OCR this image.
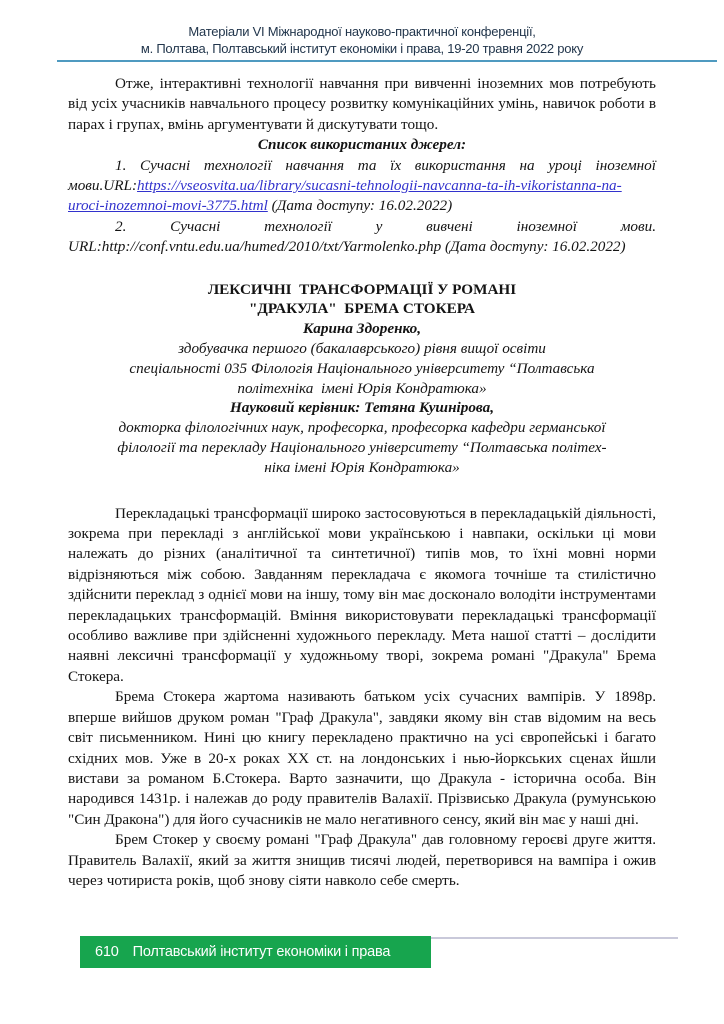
Матеріали VI Міжнародної науково-практичної конференції,
м. Полтава, Полтавський інститут економіки і права, 19-20 травня 2022 року

Отже, інтерактивні технології навчання при вивченні іноземних мов потребують від усіх учасників навчального процесу розвитку комунікаційних умінь, навичок роботи в парах і групах, вмінь аргументувати й дискутувати тощо.

Список використаних джерел:

1. Сучасні технології навчання та їх використання на уроці іноземної мови.URL:https://vseosvita.ua/library/sucasni-tehnologii-navcanna-ta-ih-vikoristanna-na-uroci-inozemnoi-movi-3775.html (Дата доступу: 16.02.2022)

2. Сучасні технології у вивчені іноземної мови. URL:http://conf.vntu.edu.ua/humed/2010/txt/Yarmolenko.php (Дата доступу: 16.02.2022)

ЛЕКСИЧНІ  ТРАНСФОРМАЦІЇ У РОМАНІ
"ДРАКУЛА"  БРЕМА СТОКЕРА
Карина Здоренко,
здобувачка першого (бакалаврського) рівня вищої освіти
спеціальності 035 Філологія Національного університету “Полтавська
політехніка  імені Юрія Кондратюка»
Науковий керівник: Тетяна Кушнірова,
докторка філологічних наук, професорка, професорка кафедри германської
філології та перекладу Національного університету “Полтавська політех-
ніка імені Юрія Кондратюка»

Перекладацькі трансформації широко застосовуються в перекладацькій діяльності, зокрема при перекладі з англійської мови українською і навпаки, оскільки ці мови належать до різних (аналітичної та синтетичної) типів мов, то їхні мовні норми відрізняються між собою. Завданням перекладача є якомога точніше та стилістично здійснити переклад з однієї мови на іншу, тому він має досконало володіти інструментами перекладацьких трансформацій. Вміння використовувати перекладацькі трансформації особливо важливе при здійсненні художнього перекладу. Мета нашої статті – дослідити наявні лексичні трансформації у художньому творі, зокрема романі "Дракула" Брема Стокера.

Брема Стокера жартома називають батьком усіх сучасних вампірів. У 1898р. вперше вийшов друком роман "Граф Дракула", завдяки якому він став відомим на весь світ письменником. Нині цю книгу перекладено практично на усі європейські і багато східних мов. Уже в 20-х роках XX ст. на лондонських і нью-йоркських сценах йшли вистави за романом Б.Стокера. Варто зазначити, що Дракула - історична особа. Він народився 1431р. і належав до роду правителів Валахії. Прізвисько Дракула (румунською "Син Дракона") для його сучасників не мало негативного сенсу, який він має у наші дні.

Брем Стокер у своєму романі "Граф Дракула" дав головному героєві друге життя. Правитель Валахії, який за життя знищив тисячі людей, перетворився на вампіра і ожив через чотириста років, щоб знову сіяти навколо себе смерть.

610 Полтавський інститут економіки і права
